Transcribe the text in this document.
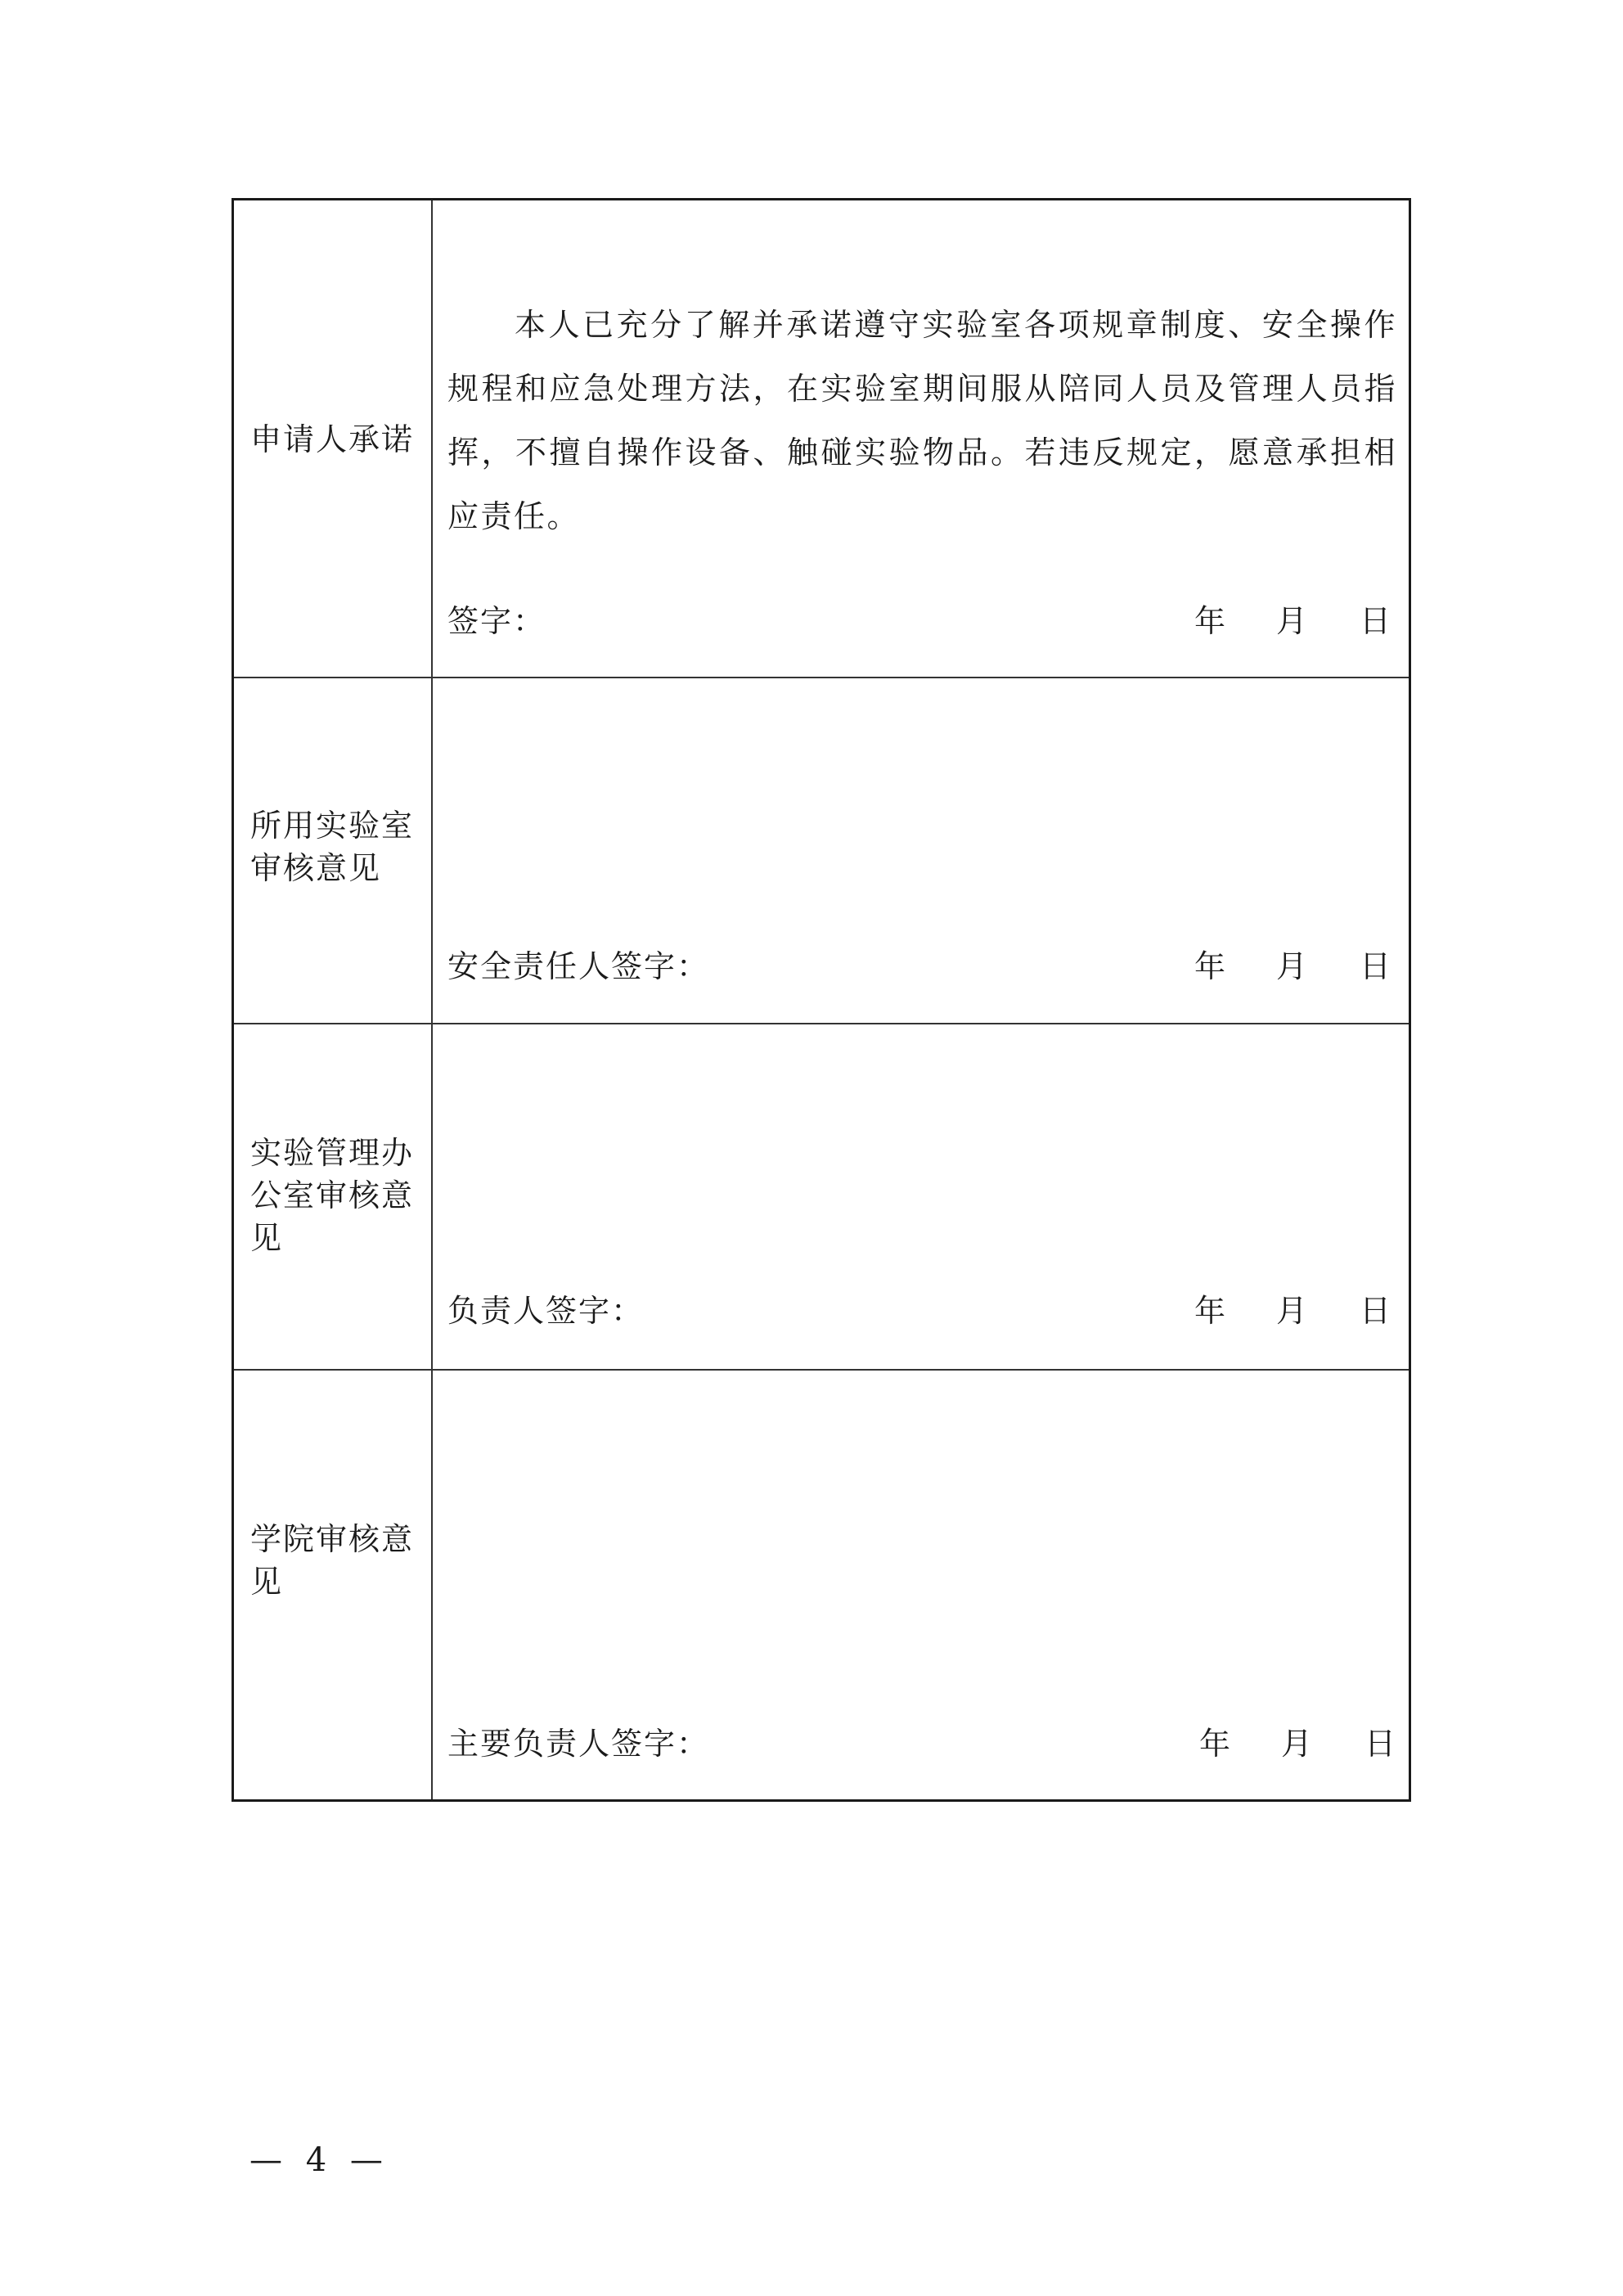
申请人承诺
本人已充分了解并承诺遵守实验室各项规章制度、安全操作规程和应急处理方法，在实验室期间服从陪同人员及管理人员指挥，不擅自操作设备、触碰实验物品。若违反规定，愿意承担相应责任。
签字：	年 月 日
所用实验室审核意见
安全责任人签字：	年 月 日
实验管理办公室审核意见
负责人签字：	年 月 日
学院审核意见
主要负责人签字：	年 月 日
— 4 —
